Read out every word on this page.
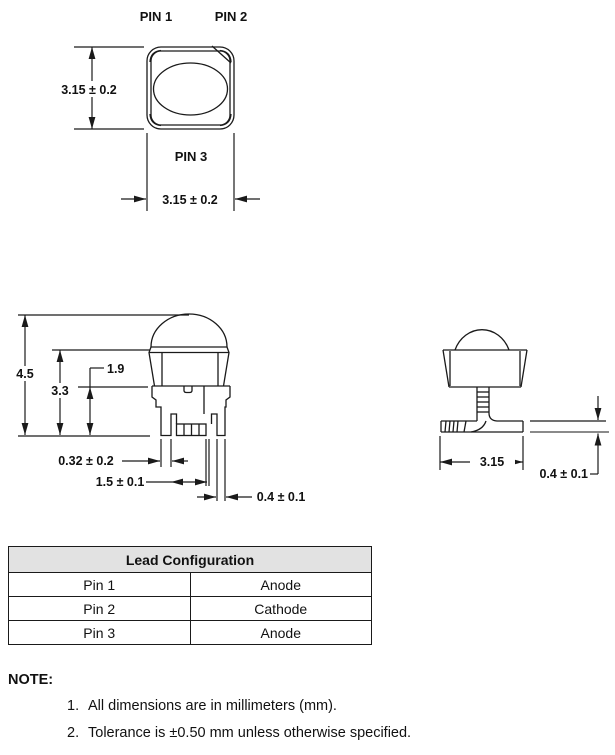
PIN 1	PIN 2
3.15 ± 0.2
PIN 3
3.15 ± 0.2
4.5
3.3
1.9
0.32 ± 0.2
1.5 ± 0.1
0.4 ± 0.1
3.15
0.4 ± 0.1
Lead Configuration	
Pin 1	Anode
Pin 2	Cathode
Pin 3	Anode
NOTE:
1. All dimensions are in millimeters (mm).
2. Tolerance is ±0.50 mm unless otherwise specified.
